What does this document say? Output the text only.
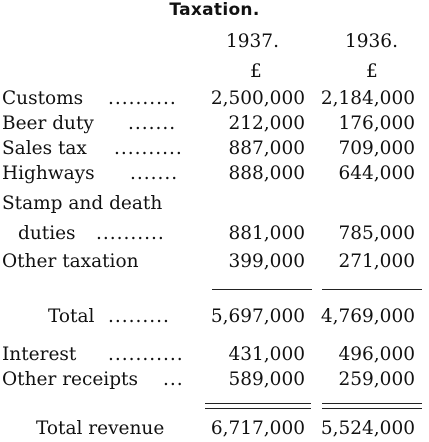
Taxation.
1937.	1936.
£	£
Customs .......... 2,500,000 2,184,000
Beer duty .......	212,000 176,000
Sales tax .......... 887,000 709,000
Highways .......	888,000 644,000
Stamp and death
duties ..........	881,000 785,000
Other taxation	399,000 271,000
Total ......... 5,697,000 4,769,000
Interest ........... 431,000 496,000
Other receipts ... 589,000 259,000
Total revenue	6,717,000 5,524,000
